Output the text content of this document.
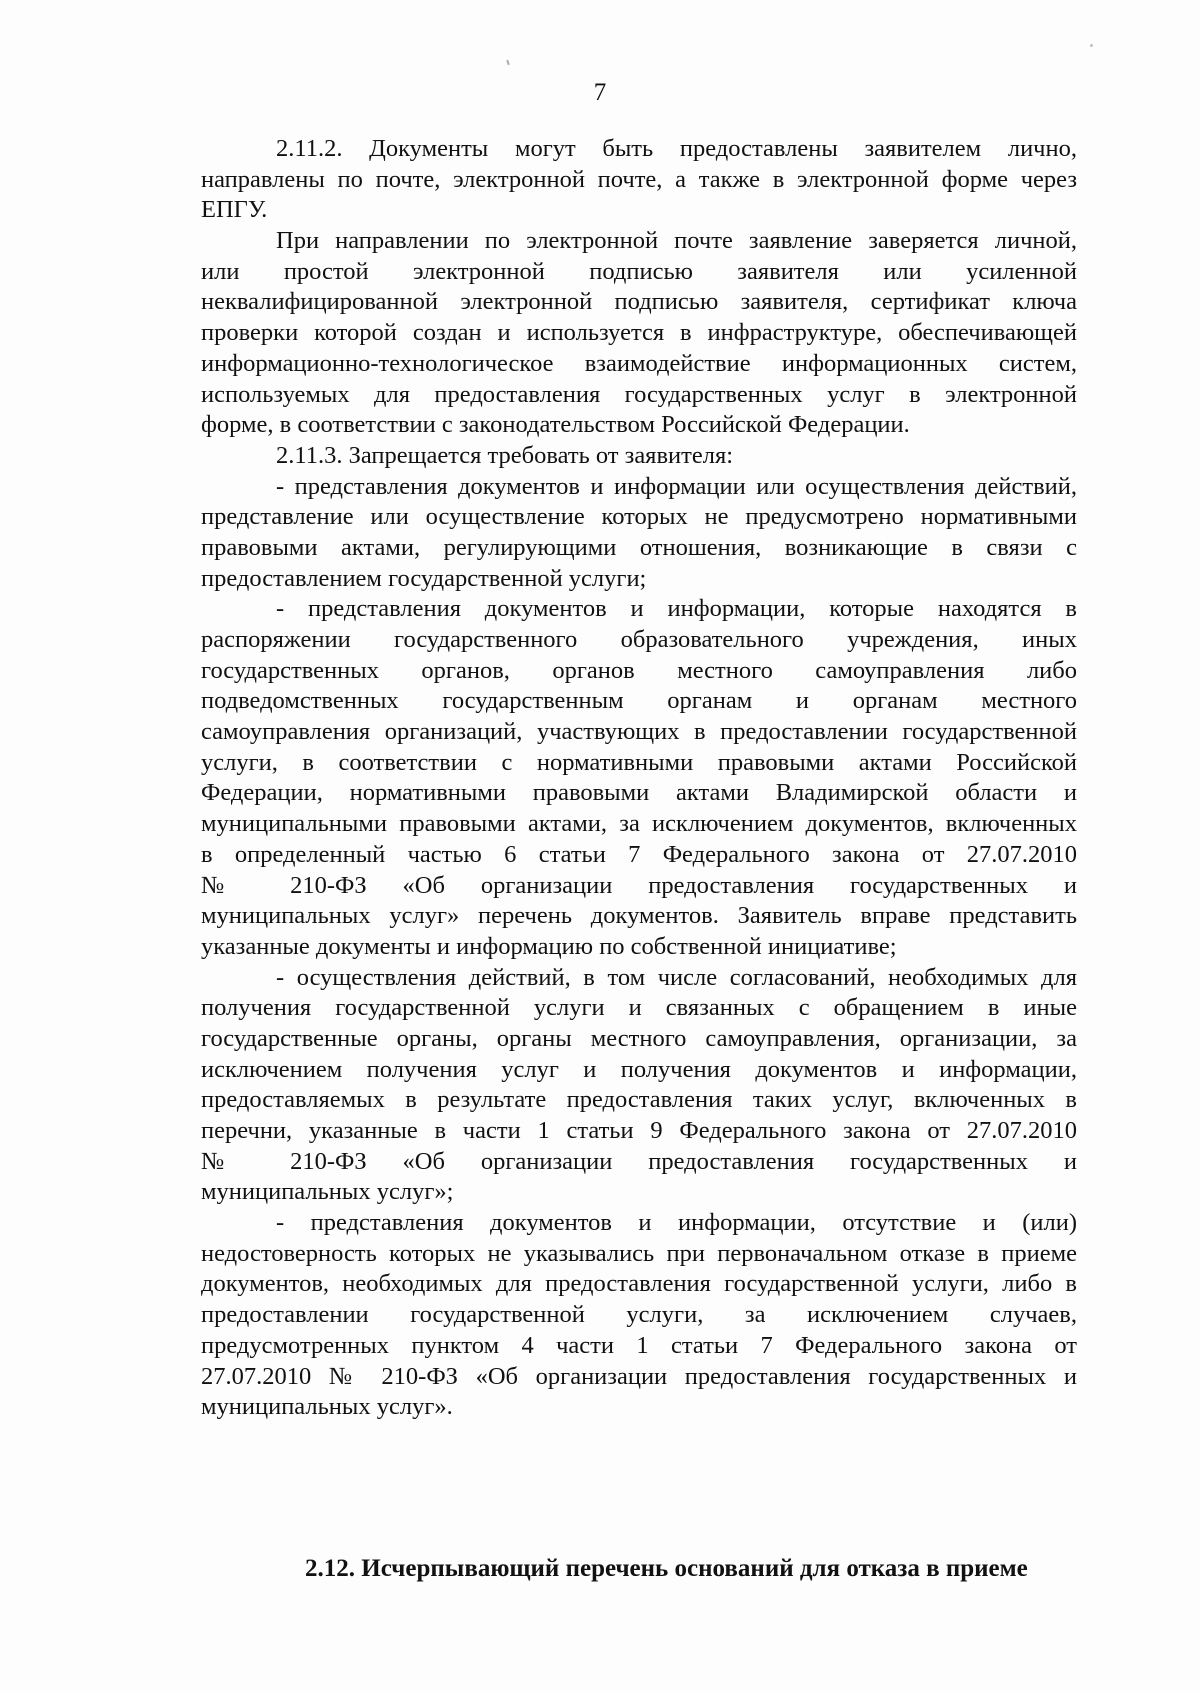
7
2.11.2. Документы могут быть предоставлены заявителем лично,
направлены по почте, электронной почте, а также в электронной форме через
ЕПГУ.
При направлении по электронной почте заявление заверяется личной,
или простой электронной подписью заявителя или усиленной
неквалифицированной электронной подписью заявителя, сертификат ключа
проверки которой создан и используется в инфраструктуре, обеспечивающей
информационно-технологическое взаимодействие информационных систем,
используемых для предоставления государственных услуг в электронной
форме, в соответствии с законодательством Российской Федерации.
2.11.3. Запрещается требовать от заявителя:
- представления документов и информации или осуществления действий,
представление или осуществление которых не предусмотрено нормативными
правовыми актами, регулирующими отношения, возникающие в связи с
предоставлением государственной услуги;
- представления документов и информации, которые находятся в
распоряжении государственного образовательного учреждения, иных
государственных органов, органов местного самоуправления либо
подведомственных государственным органам и органам местного
самоуправления организаций, участвующих в предоставлении государственной
услуги, в соответствии с нормативными правовыми актами Российской
Федерации, нормативными правовыми актами Владимирской области и
муниципальными правовыми актами, за исключением документов, включенных
в определенный частью 6 статьи 7 Федерального закона от 27.07.2010
№ 210-ФЗ «Об организации предоставления государственных и
муниципальных услуг» перечень документов. Заявитель вправе представить
указанные документы и информацию по собственной инициативе;
- осуществления действий, в том числе согласований, необходимых для
получения государственной услуги и связанных с обращением в иные
государственные органы, органы местного самоуправления, организации, за
исключением получения услуг и получения документов и информации,
предоставляемых в результате предоставления таких услуг, включенных в
перечни, указанные в части 1 статьи 9 Федерального закона от 27.07.2010
№ 210-ФЗ «Об организации предоставления государственных и
муниципальных услуг»;
- представления документов и информации, отсутствие и (или)
недостоверность которых не указывались при первоначальном отказе в приеме
документов, необходимых для предоставления государственной услуги, либо в
предоставлении государственной услуги, за исключением случаев,
предусмотренных пунктом 4 части 1 статьи 7 Федерального закона от
27.07.2010 № 210-ФЗ «Об организации предоставления государственных и
муниципальных услуг».
2.12. Исчерпывающий перечень оснований для отказа в приеме
